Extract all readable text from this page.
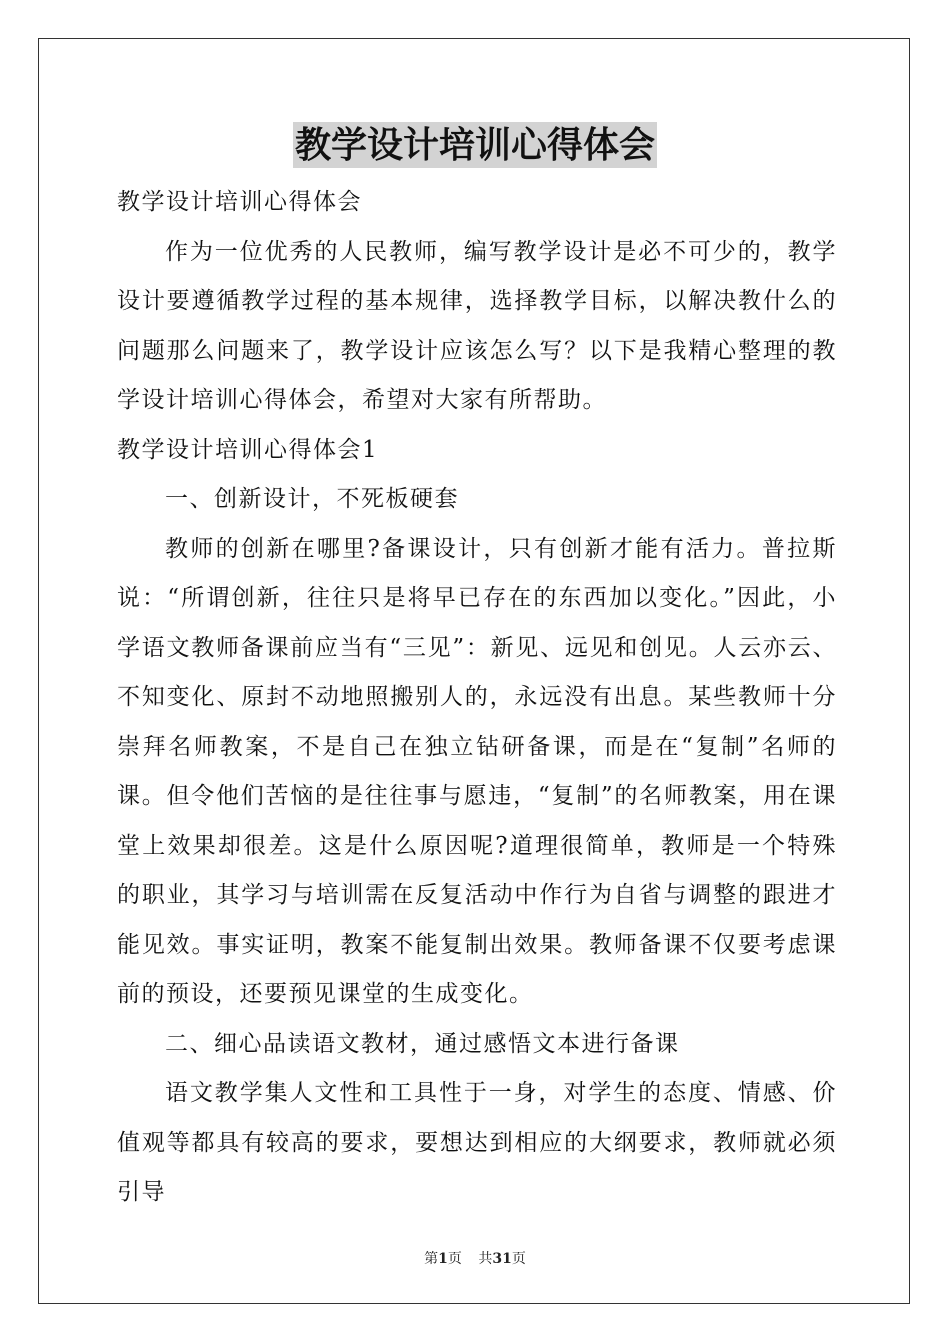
教学设计培训心得体会

教学设计培训心得体会

作为一位优秀的人民教师，编写教学设计是必不可少的，教学设计要遵循教学过程的基本规律，选择教学目标，以解决教什么的问题那么问题来了，教学设计应该怎么写？以下是我精心整理的教学设计培训心得体会，希望对大家有所帮助。

教学设计培训心得体会1

一、创新设计，不死板硬套

教师的创新在哪里?备课设计，只有创新才能有活力。普拉斯说：“所谓创新，往往只是将早已存在的东西加以变化。”因此，小学语文教师备课前应当有“三见”：新见、远见和创见。人云亦云、不知变化、原封不动地照搬别人的，永远没有出息。某些教师十分崇拜名师教案，不是自己在独立钻研备课，而是在“复制”名师的课。但令他们苦恼的是往往事与愿违，“复制”的名师教案，用在课堂上效果却很差。这是什么原因呢?道理很简单，教师是一个特殊的职业，其学习与培训需在反复活动中作行为自省与调整的跟进才能见效。事实证明，教案不能复制出效果。教师备课不仅要考虑课前的预设，还要预见课堂的生成变化。

二、细心品读语文教材，通过感悟文本进行备课

语文教学集人文性和工具性于一身，对学生的态度、情感、价值观等都具有较高的要求，要想达到相应的大纲要求，教师就必须引导

第1页 共31页
